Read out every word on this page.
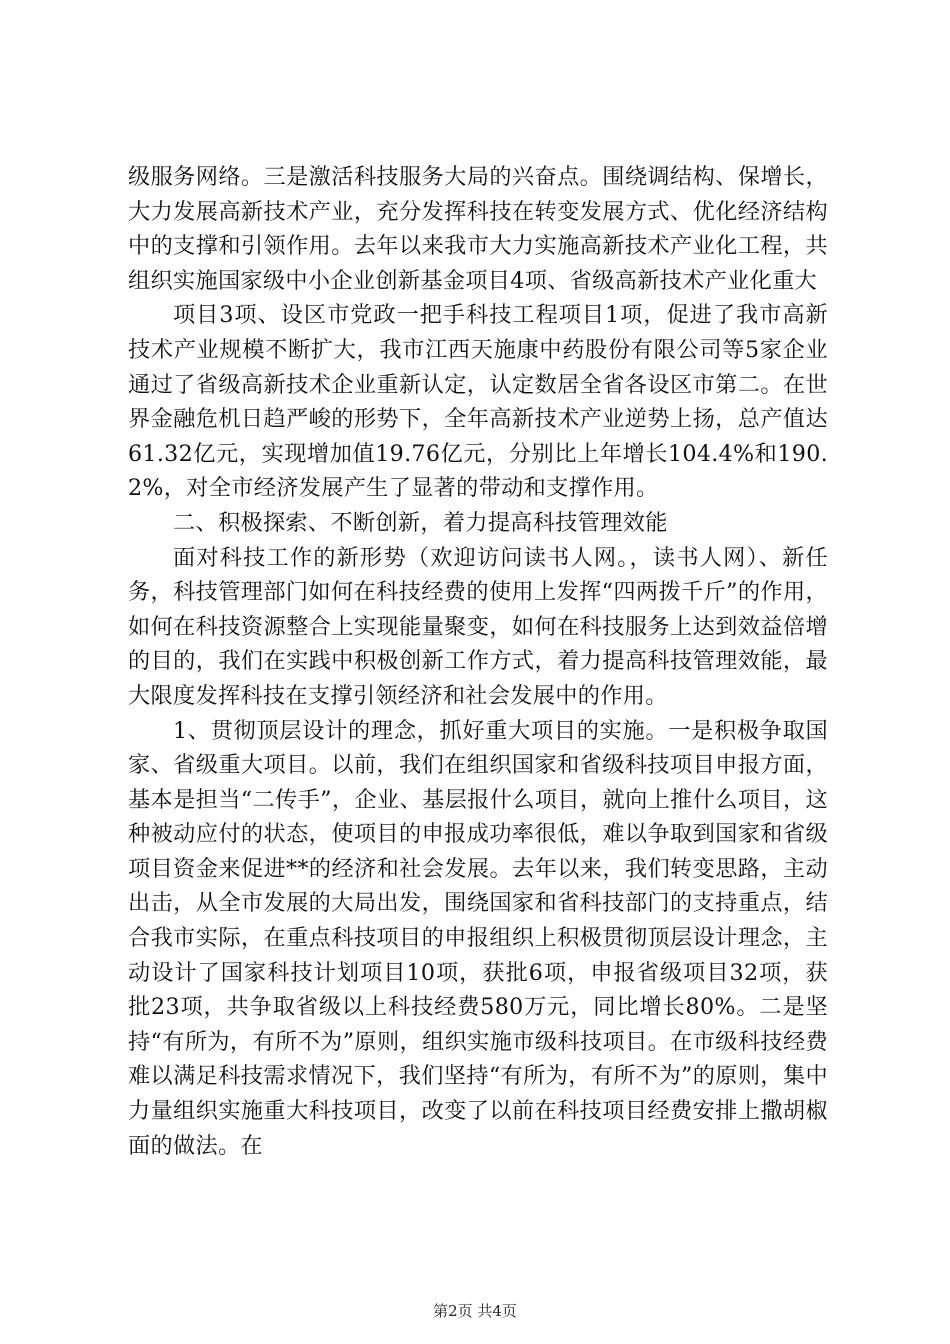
级服务网络。三是激活科技服务大局的兴奋点。围绕调结构、保增长，大力发展高新技术产业，充分发挥科技在转变发展方式、优化经济结构中的支撑和引领作用。去年以来我市大力实施高新技术产业化工程，共组织实施国家级中小企业创新基金项目4项、省级高新技术产业化重大

项目3项、设区市党政一把手科技工程项目1项，促进了我市高新技术产业规模不断扩大，我市江西天施康中药股份有限公司等5家企业通过了省级高新技术企业重新认定，认定数居全省各设区市第二。在世界金融危机日趋严峻的形势下，全年高新技术产业逆势上扬，总产值达61.32亿元，实现增加值19.76亿元，分别比上年增长104.4%和190.2%，对全市经济发展产生了显著的带动和支撑作用。

二、积极探索、不断创新，着力提高科技管理效能

面对科技工作的新形势（欢迎访问读书人网。，读书人网）、新任务，科技管理部门如何在科技经费的使用上发挥“四两拨千斤”的作用，如何在科技资源整合上实现能量聚变，如何在科技服务上达到效益倍增的目的，我们在实践中积极创新工作方式，着力提高科技管理效能，最大限度发挥科技在支撑引领经济和社会发展中的作用。

1、贯彻顶层设计的理念，抓好重大项目的实施。一是积极争取国家、省级重大项目。以前，我们在组织国家和省级科技项目申报方面，基本是担当“二传手”，企业、基层报什么项目，就向上推什么项目，这种被动应付的状态，使项目的申报成功率很低，难以争取到国家和省级项目资金来促进**的经济和社会发展。去年以来，我们转变思路，主动出击，从全市发展的大局出发，围绕国家和省科技部门的支持重点，结合我市实际，在重点科技项目的申报组织上积极贯彻顶层设计理念，主动设计了国家科技计划项目10项，获批6项，申报省级项目32项，获批23项，共争取省级以上科技经费580万元，同比增长80%。二是坚持“有所为，有所不为”原则，组织实施市级科技项目。在市级科技经费难以满足科技需求情况下，我们坚持“有所为，有所不为”的原则，集中力量组织实施重大科技项目，改变了以前在科技项目经费安排上撒胡椒面的做法。在

第2页 共4页
